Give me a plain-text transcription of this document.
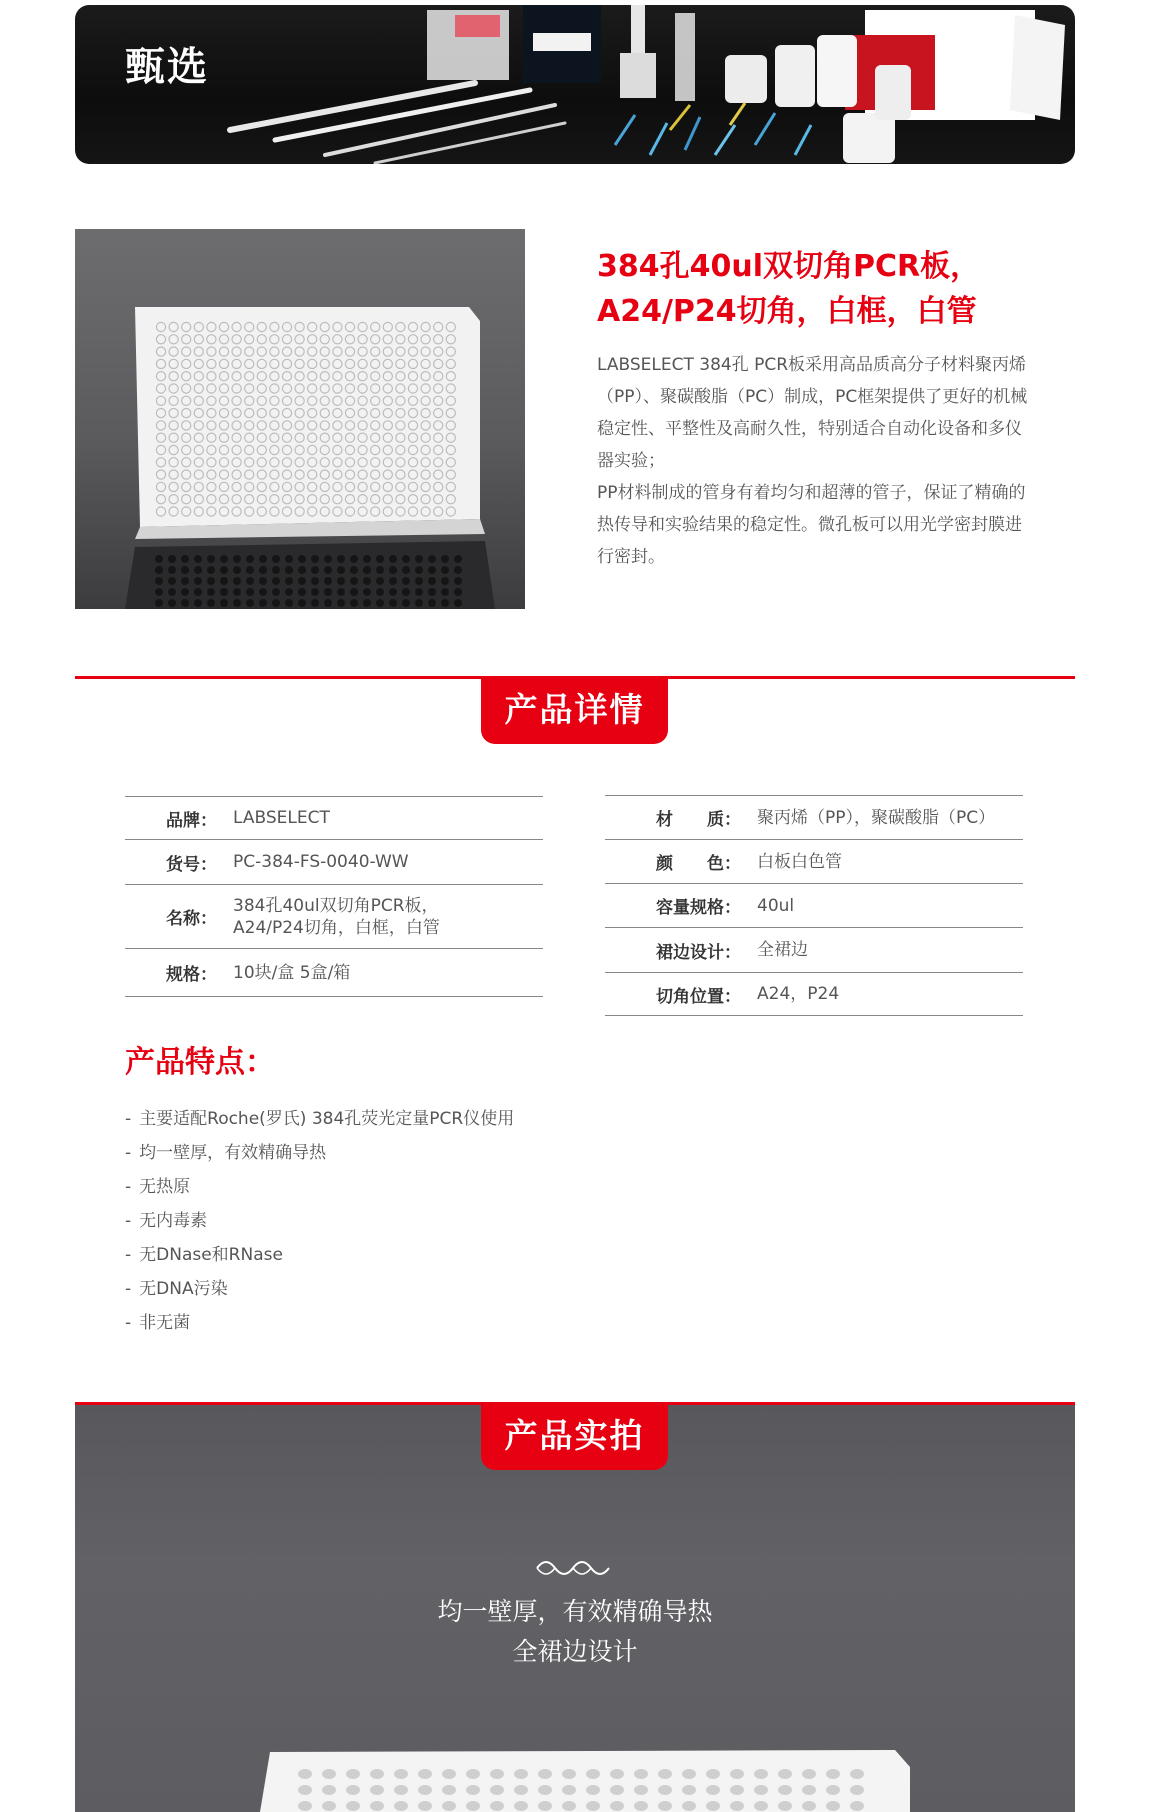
甄选
384孔40ul双切角PCR板，A24/P24切角，白框，白管

LABSELECT 384孔 PCR板采用高品质高分子材料聚丙烯（PP）、聚碳酸脂（PC）制成，PC框架提供了更好的机械稳定性、平整性及高耐久性，特别适合自动化设备和多仪器实验；

PP材料制成的管身有着均匀和超薄的管子，保证了精确的热传导和实验结果的稳定性。微孔板可以用光学密封膜进行密封。

产品详情
品牌： LABSELECT
货号： PC-384-FS-0040-WW
名称：
384孔40ul双切角PCR板，A24/P24切角，白框，白管
规格： 10块/盒 5盒/箱
材　　质： 聚丙烯（PP），聚碳酸脂（PC）
颜　　色： 白板白色管
容量规格： 40ul
裙边设计： 全裙边
切角位置： A24，P24
产品特点：
- 主要适配Roche(罗氏) 384孔荧光定量PCR仪使用
- 均一壁厚，有效精确导热
- 无热原
- 无内毒素
- 无DNase和RNase
- 无DNA污染
- 非无菌
产品实拍
均一壁厚，有效精确导热
全裙边设计
